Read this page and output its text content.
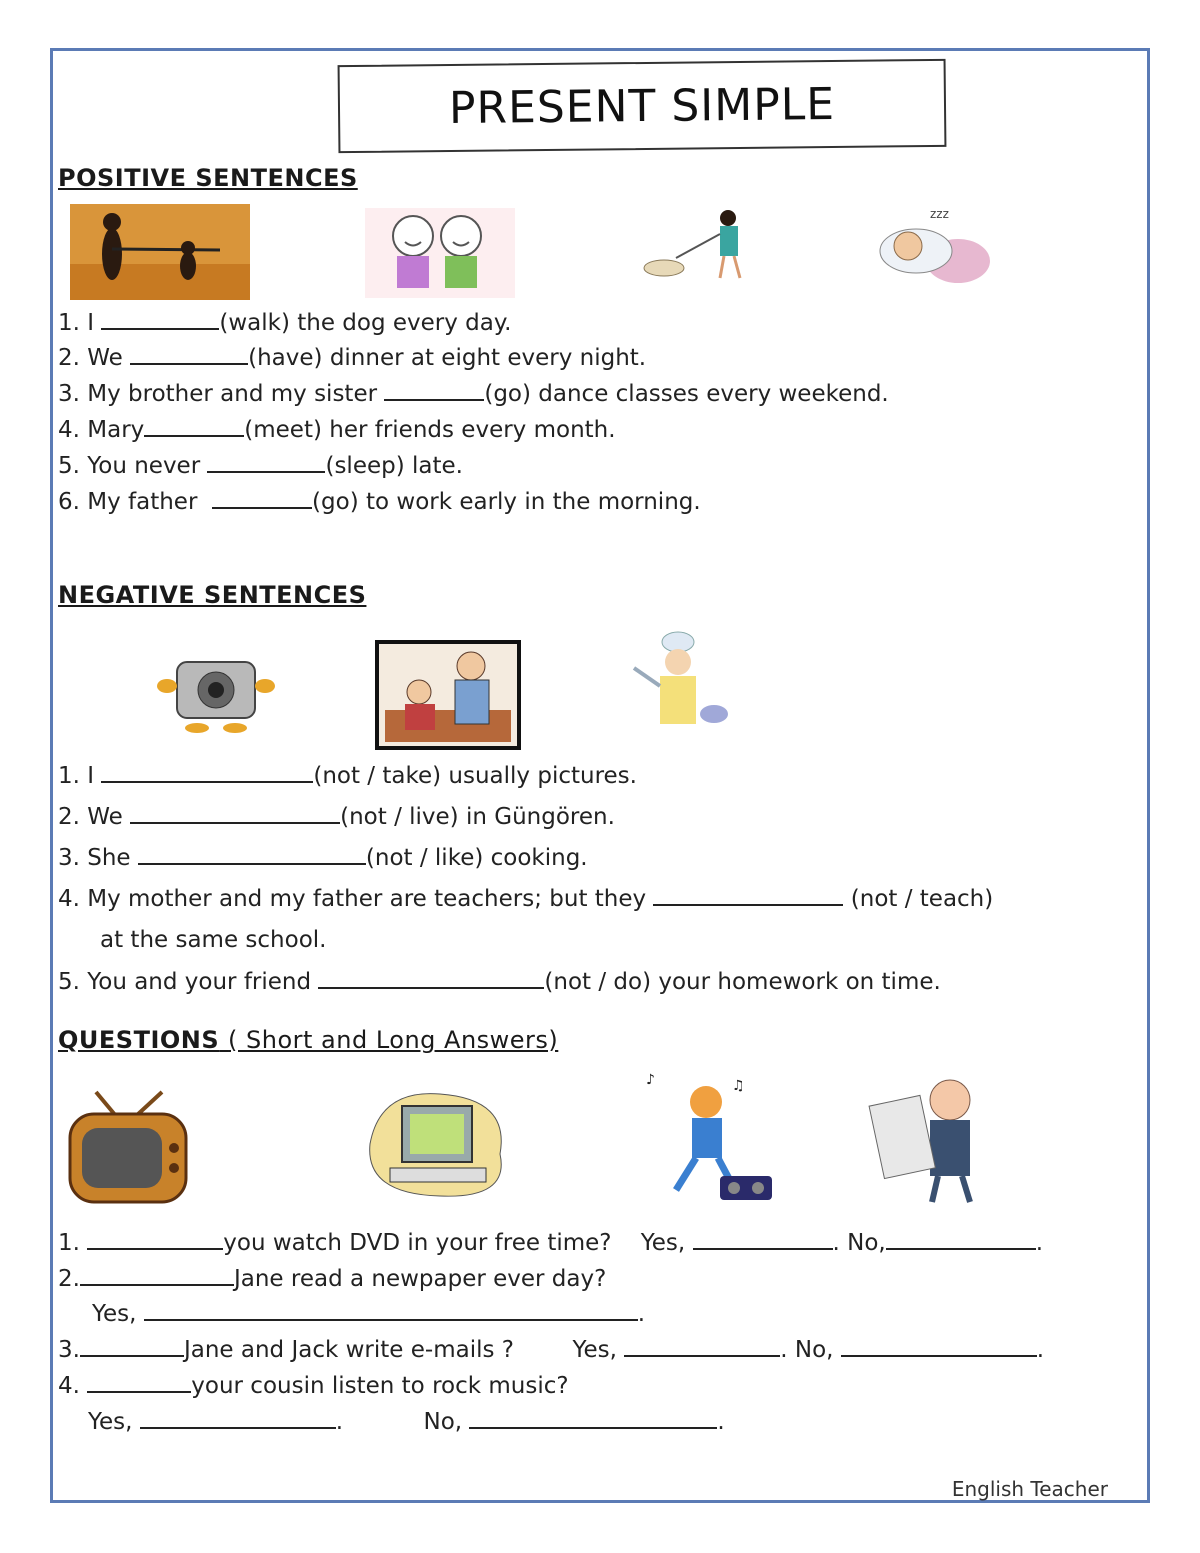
PRESENT SIMPLE
POSITIVE SENTENCES
zzz
1. I	(walk) the dog every day.
2. We	(have) dinner at eight every night.
3. My brother and my sister	(go) dance classes every weekend.
4. Mary	(meet) her friends every month.
5. You never	(sleep) late.
6. My father	(go) to work early in the morning.
NEGATIVE SENTENCES
1. I	(not / take) usually pictures.
2. We	(not / live) in Güngören.
3. She	(not / like) cooking.
4. My mother and my father are teachers; but they	(not / teach)
at the same school.
5. You and your friend	(not / do) your homework on time.
QUESTIONS ( Short and Long Answers)
♪	♫
1.	you watch DVD in your free time? Yes,	. No,	.
2.	Jane read a newpaper ever day?
Yes,	.
3.	Jane and Jack write e-mails ?	Yes,	. No,	.
4.	your cousin listen to rock music?
Yes,	.           No,	.
English Teacher
